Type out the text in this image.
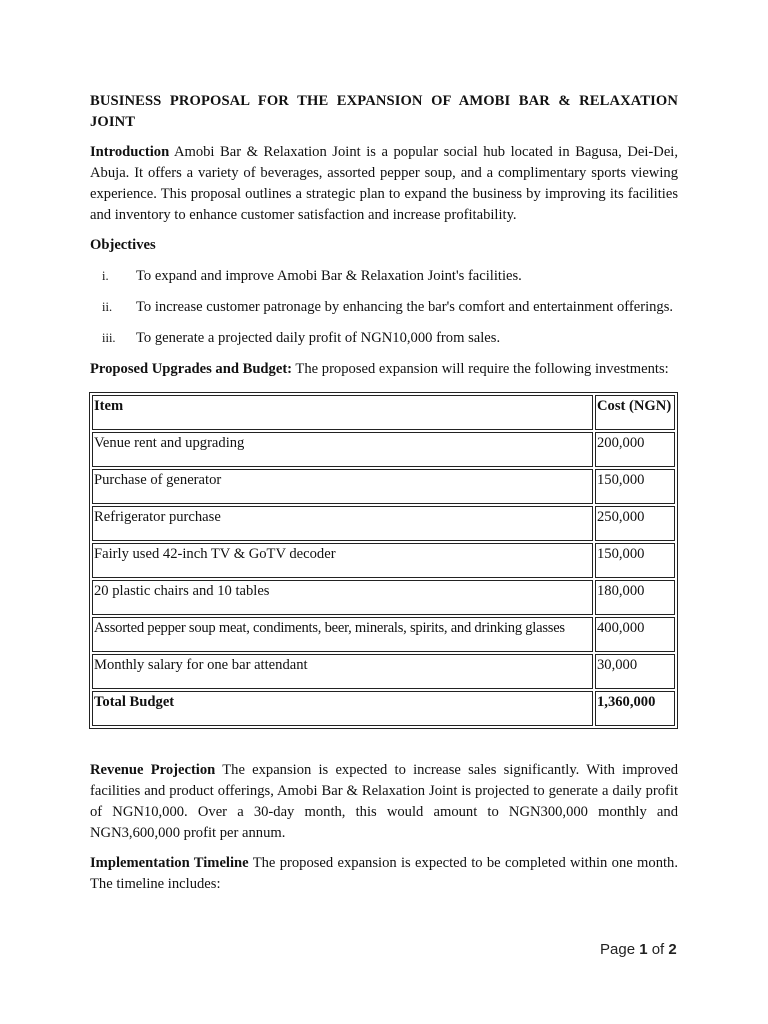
BUSINESS PROPOSAL FOR THE EXPANSION OF AMOBI BAR & RELAXATION JOINT

Introduction Amobi Bar & Relaxation Joint is a popular social hub located in Bagusa, Dei-Dei, Abuja. It offers a variety of beverages, assorted pepper soup, and a complimentary sports viewing experience. This proposal outlines a strategic plan to expand the business by improving its facilities and inventory to enhance customer satisfaction and increase profitability.

Objectives
i. To expand and improve Amobi Bar & Relaxation Joint's facilities.
ii. To increase customer patronage by enhancing the bar's comfort and entertainment offerings.
iii. To generate a projected daily profit of NGN10,000 from sales.

Proposed Upgrades and Budget: The proposed expansion will require the following investments:

Item	Cost (NGN)
Venue rent and upgrading	200,000
Purchase of generator	150,000
Refrigerator purchase	250,000
Fairly used 42-inch TV & GoTV decoder	150,000
20 plastic chairs and 10 tables	180,000
Assorted pepper soup meat, condiments, beer, minerals, spirits, and drinking glasses	400,000
Monthly salary for one bar attendant	30,000
Total Budget	1,360,000

Revenue Projection The expansion is expected to increase sales significantly. With improved facilities and product offerings, Amobi Bar & Relaxation Joint is projected to generate a daily profit of NGN10,000. Over a 30-day month, this would amount to NGN300,000 monthly and NGN3,600,000 profit per annum.

Implementation Timeline The proposed expansion is expected to be completed within one month. The timeline includes:

Page 1 of 2
